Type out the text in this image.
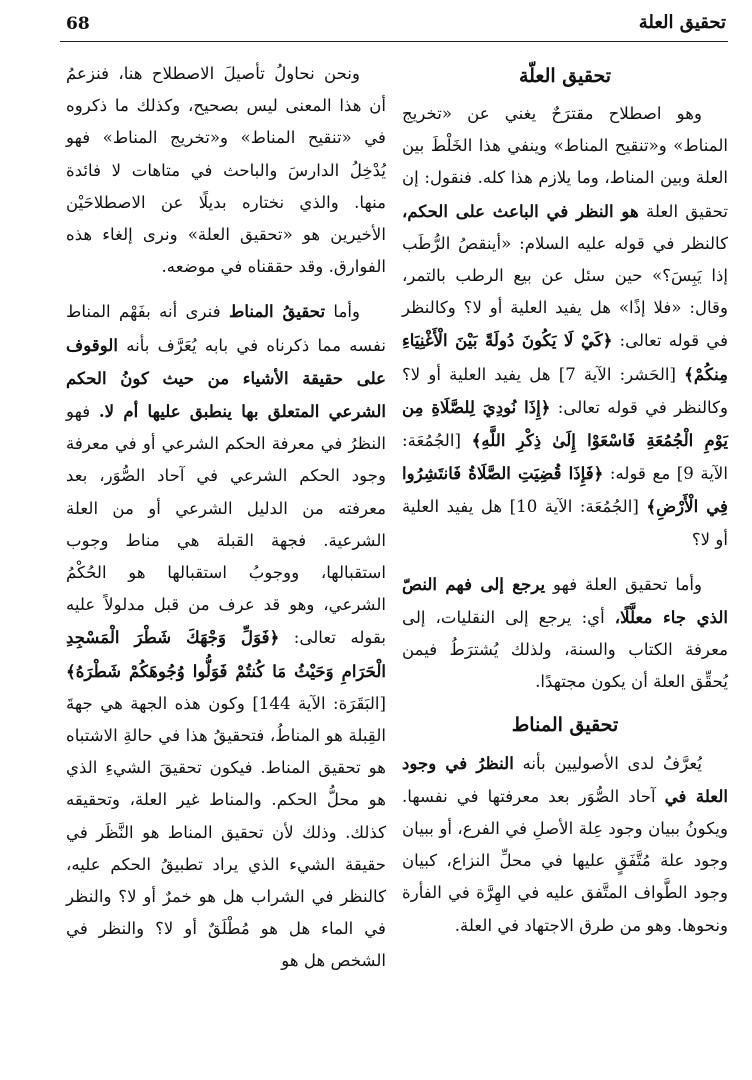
68	تحقيق العلة
تحقيق العلّة

وهو اصطلاح مقترَحٌ يغني عن «تخريج المناط» و«تنقيح المناط» وينفي هذا الخَلْطَ بين العلة وبين المناط، وما يلازم هذا كله. فنقول: إن تحقيق العلة هو النظر في الباعث على الحكم، كالنظر في قوله عليه السلام: «أينقصُ الرُّطَب إذا يَبِسَ؟» حين سئل عن بيع الرطب بالتمر، وقال: «فلا إذًا» هل يفيد العلية أو لا؟ وكالنظر في قوله تعالى: ﴿كَيْ لَا يَكُونَ دُولَةً بَيْنَ الْأَغْنِيَاءِ مِنكُمْ﴾ [الحَشر: الآية 7] هل يفيد العلية أو لا؟ وكالنظر في قوله تعالى: ﴿إِذَا نُودِيَ لِلصَّلَاةِ مِن يَوْمِ الْجُمُعَةِ فَاسْعَوْا إِلَىٰ ذِكْرِ اللَّهِ﴾ [الجُمُعَة: الآية 9] مع قوله: ﴿فَإِذَا قُضِيَتِ الصَّلَاةُ فَانتَشِرُوا فِي الْأَرْضِ﴾ [الجُمُعَة: الآية 10] هل يفيد العلية أو لا؟

وأما تحقيق العلة فهو يرجع إلى فهم النصّ الذي جاء معلَّلًا، أي: يرجع إلى النقليات، إلى معرفة الكتاب والسنة، ولذلك يُشترَطُ فيمن يُحقِّق العلة أن يكون مجتهدًا.

تحقيق المناط

يُعرَّفُ لدى الأصوليين بأنه النظرُ في وجود العلة في آحاد الصُّوَر بعد معرفتها في نفسها. ويكونُ ببيان وجود عِلة الأصلِ في الفرع، أو ببيان وجود علة مُتَّفَقٍ عليها في محلِّ النزاع، كبيان وجود الطَّواف المتَّفق عليه في الهِرَّة في الفأرة ونحوها. وهو من طرق الاجتهاد في العلة.

ونحن نحاولُ تأصيلَ الاصطلاح هنا، فنزعمُ أن هذا المعنى ليس بصحيح، وكذلك ما ذكروه في «تنقيح المناط» و«تخريج المناط» فهو يُدْخِلُ الدارسَ والباحث في متاهات لا فائدة منها. والذي نختاره بديلًا عن الاصطلاحَيْن الأخيرين هو «تحقيق العلة» ونرى إلغاء هذه الفوارق. وقد حققناه في موضعه.

وأما تحقيقُ المناط فنرى أنه بفَهْم المناط نفسه مما ذكرناه في بابه يُعَرَّف بأنه الوقوف على حقيقة الأشياء من حيث كونُ الحكم الشرعي المتعلق بها ينطبق عليها أم لا. فهو النظرُ في معرفة الحكم الشرعي أو في معرفة وجود الحكم الشرعي في آحاد الصُّوَر، بعد معرفته من الدليل الشرعي أو من العلة الشرعية. فجهة القبلة هي مناط وجوب استقبالها، ووجوبُ استقبالها هو الحُكْمُ الشرعي، وهو قد عرف من قبل مدلولاً عليه بقوله تعالى: ﴿فَوَلِّ وَجْهَكَ شَطْرَ الْمَسْجِدِ الْحَرَامِ وَحَيْثُ مَا كُنتُمْ فَوَلُّوا وُجُوهَكُمْ شَطْرَهُ﴾ [البَقَرَة: الآية 144] وكون هذه الجهة هي جهةَ القِبلة هو المناطُ، فتحقيقُ هذا في حالةِ الاشتباه هو تحقيق المناط. فيكون تحقيقَ الشيءِ الذي هو محلُّ الحكم. والمناط غير العلة، وتحقيقه كذلك. وذلك لأن تحقيق المناط هو النَّظَر في حقيقة الشيء الذي يراد تطبيقُ الحكم عليه، كالنظر في الشراب هل هو خمرٌ أو لا؟ والنظر في الماء هل هو مُطْلَقٌ أو لا؟ والنظر في الشخص هل هو
